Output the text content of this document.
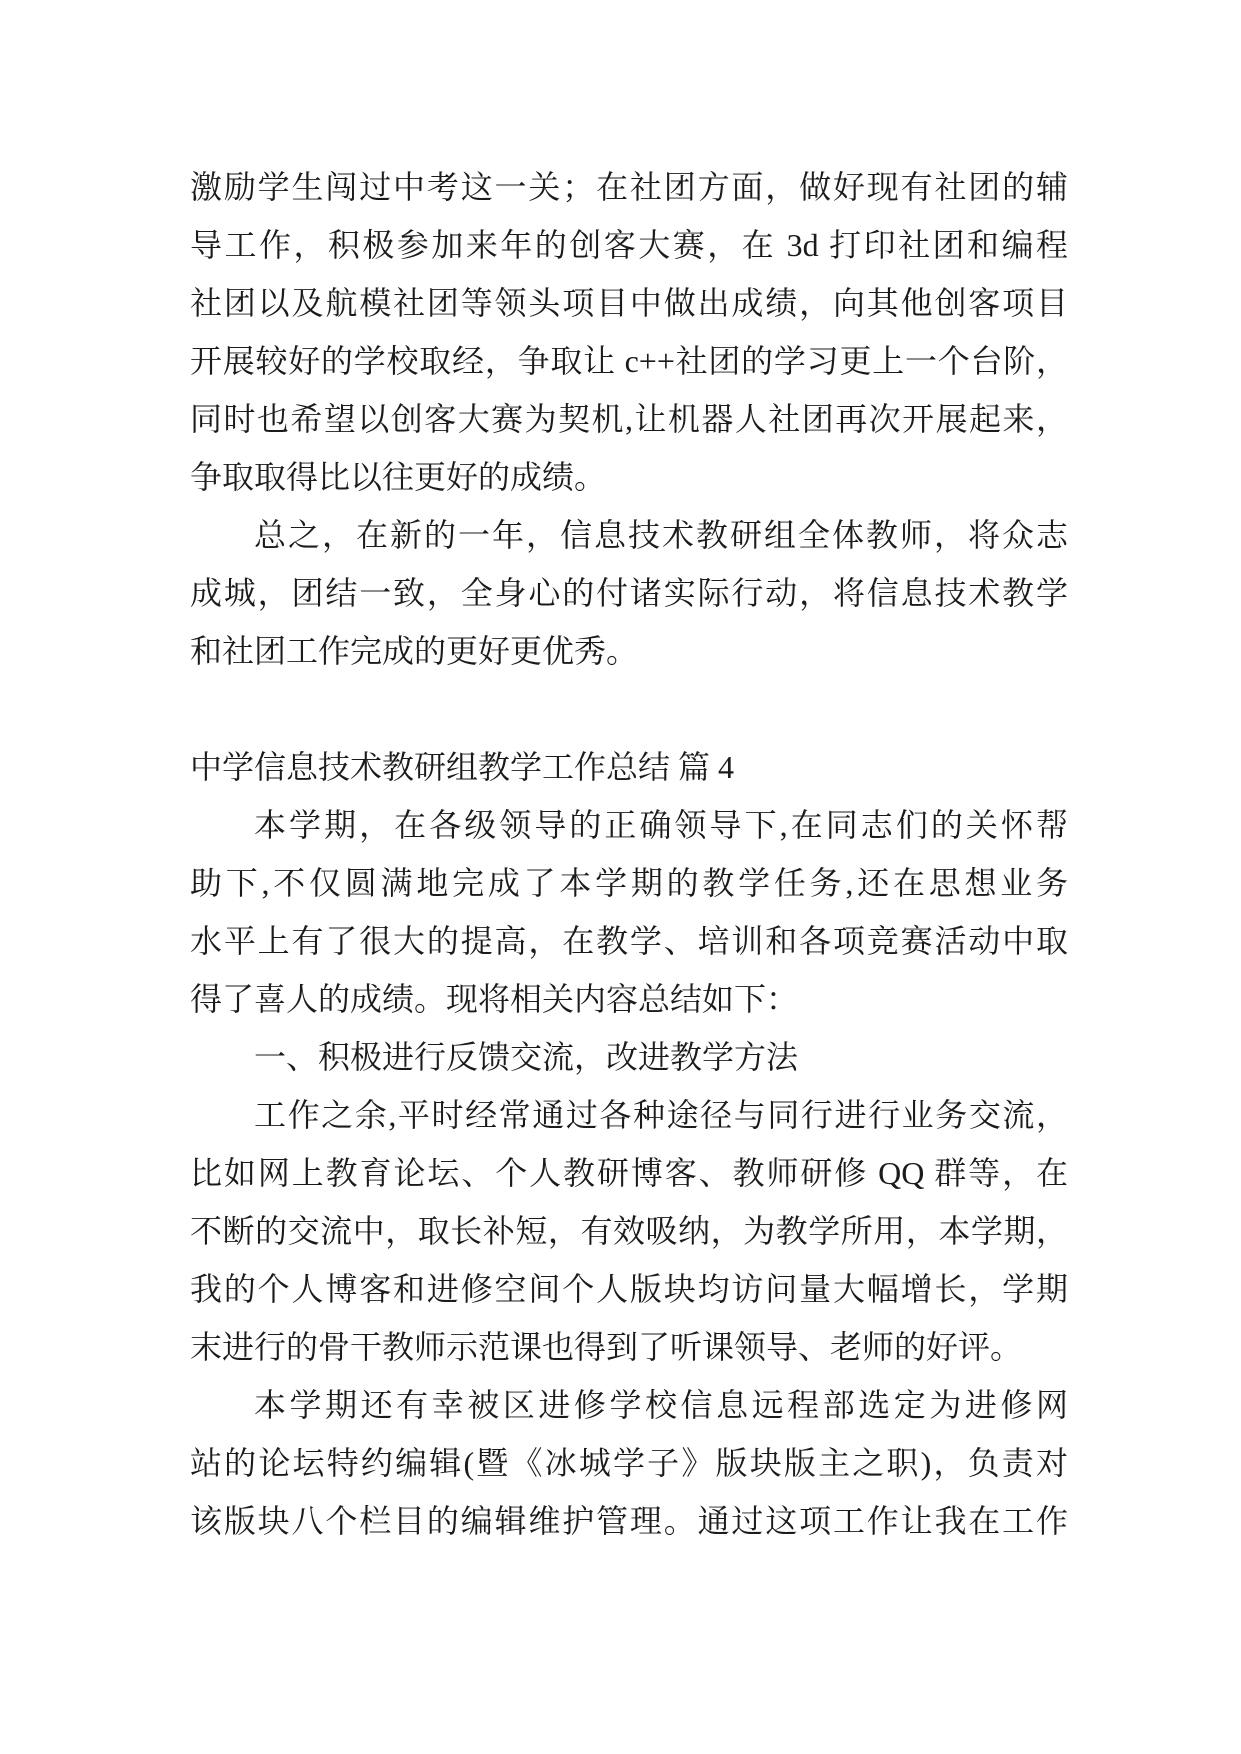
激励学生闯过中考这一关；在社团方面，做好现有社团的辅
导工作，积极参加来年的创客大赛，在 3d 打印社团和编程
社团以及航模社团等领头项目中做出成绩，向其他创客项目
开展较好的学校取经，争取让 c++社团的学习更上一个台阶，
同时也希望以创客大赛为契机,让机器人社团再次开展起来，
争取取得比以往更好的成绩。
总之，在新的一年，信息技术教研组全体教师，将众志
成城，团结一致，全身心的付诸实际行动，将信息技术教学
和社团工作完成的更好更优秀。
中学信息技术教研组教学工作总结 篇 4
本学期，在各级领导的正确领导下,在同志们的关怀帮
助下,不仅圆满地完成了本学期的教学任务,还在思想业务
水平上有了很大的提高，在教学、培训和各项竞赛活动中取
得了喜人的成绩。现将相关内容总结如下：
一、积极进行反馈交流，改进教学方法
工作之余,平时经常通过各种途径与同行进行业务交流，
比如网上教育论坛、个人教研博客、教师研修 QQ 群等，在
不断的交流中，取长补短，有效吸纳，为教学所用，本学期，
我的个人博客和进修空间个人版块均访问量大幅增长，学期
末进行的骨干教师示范课也得到了听课领导、老师的好评。
本学期还有幸被区进修学校信息远程部选定为进修网
站的论坛特约编辑(暨《冰城学子》版块版主之职)，负责对
该版块八个栏目的编辑维护管理。通过这项工作让我在工作
